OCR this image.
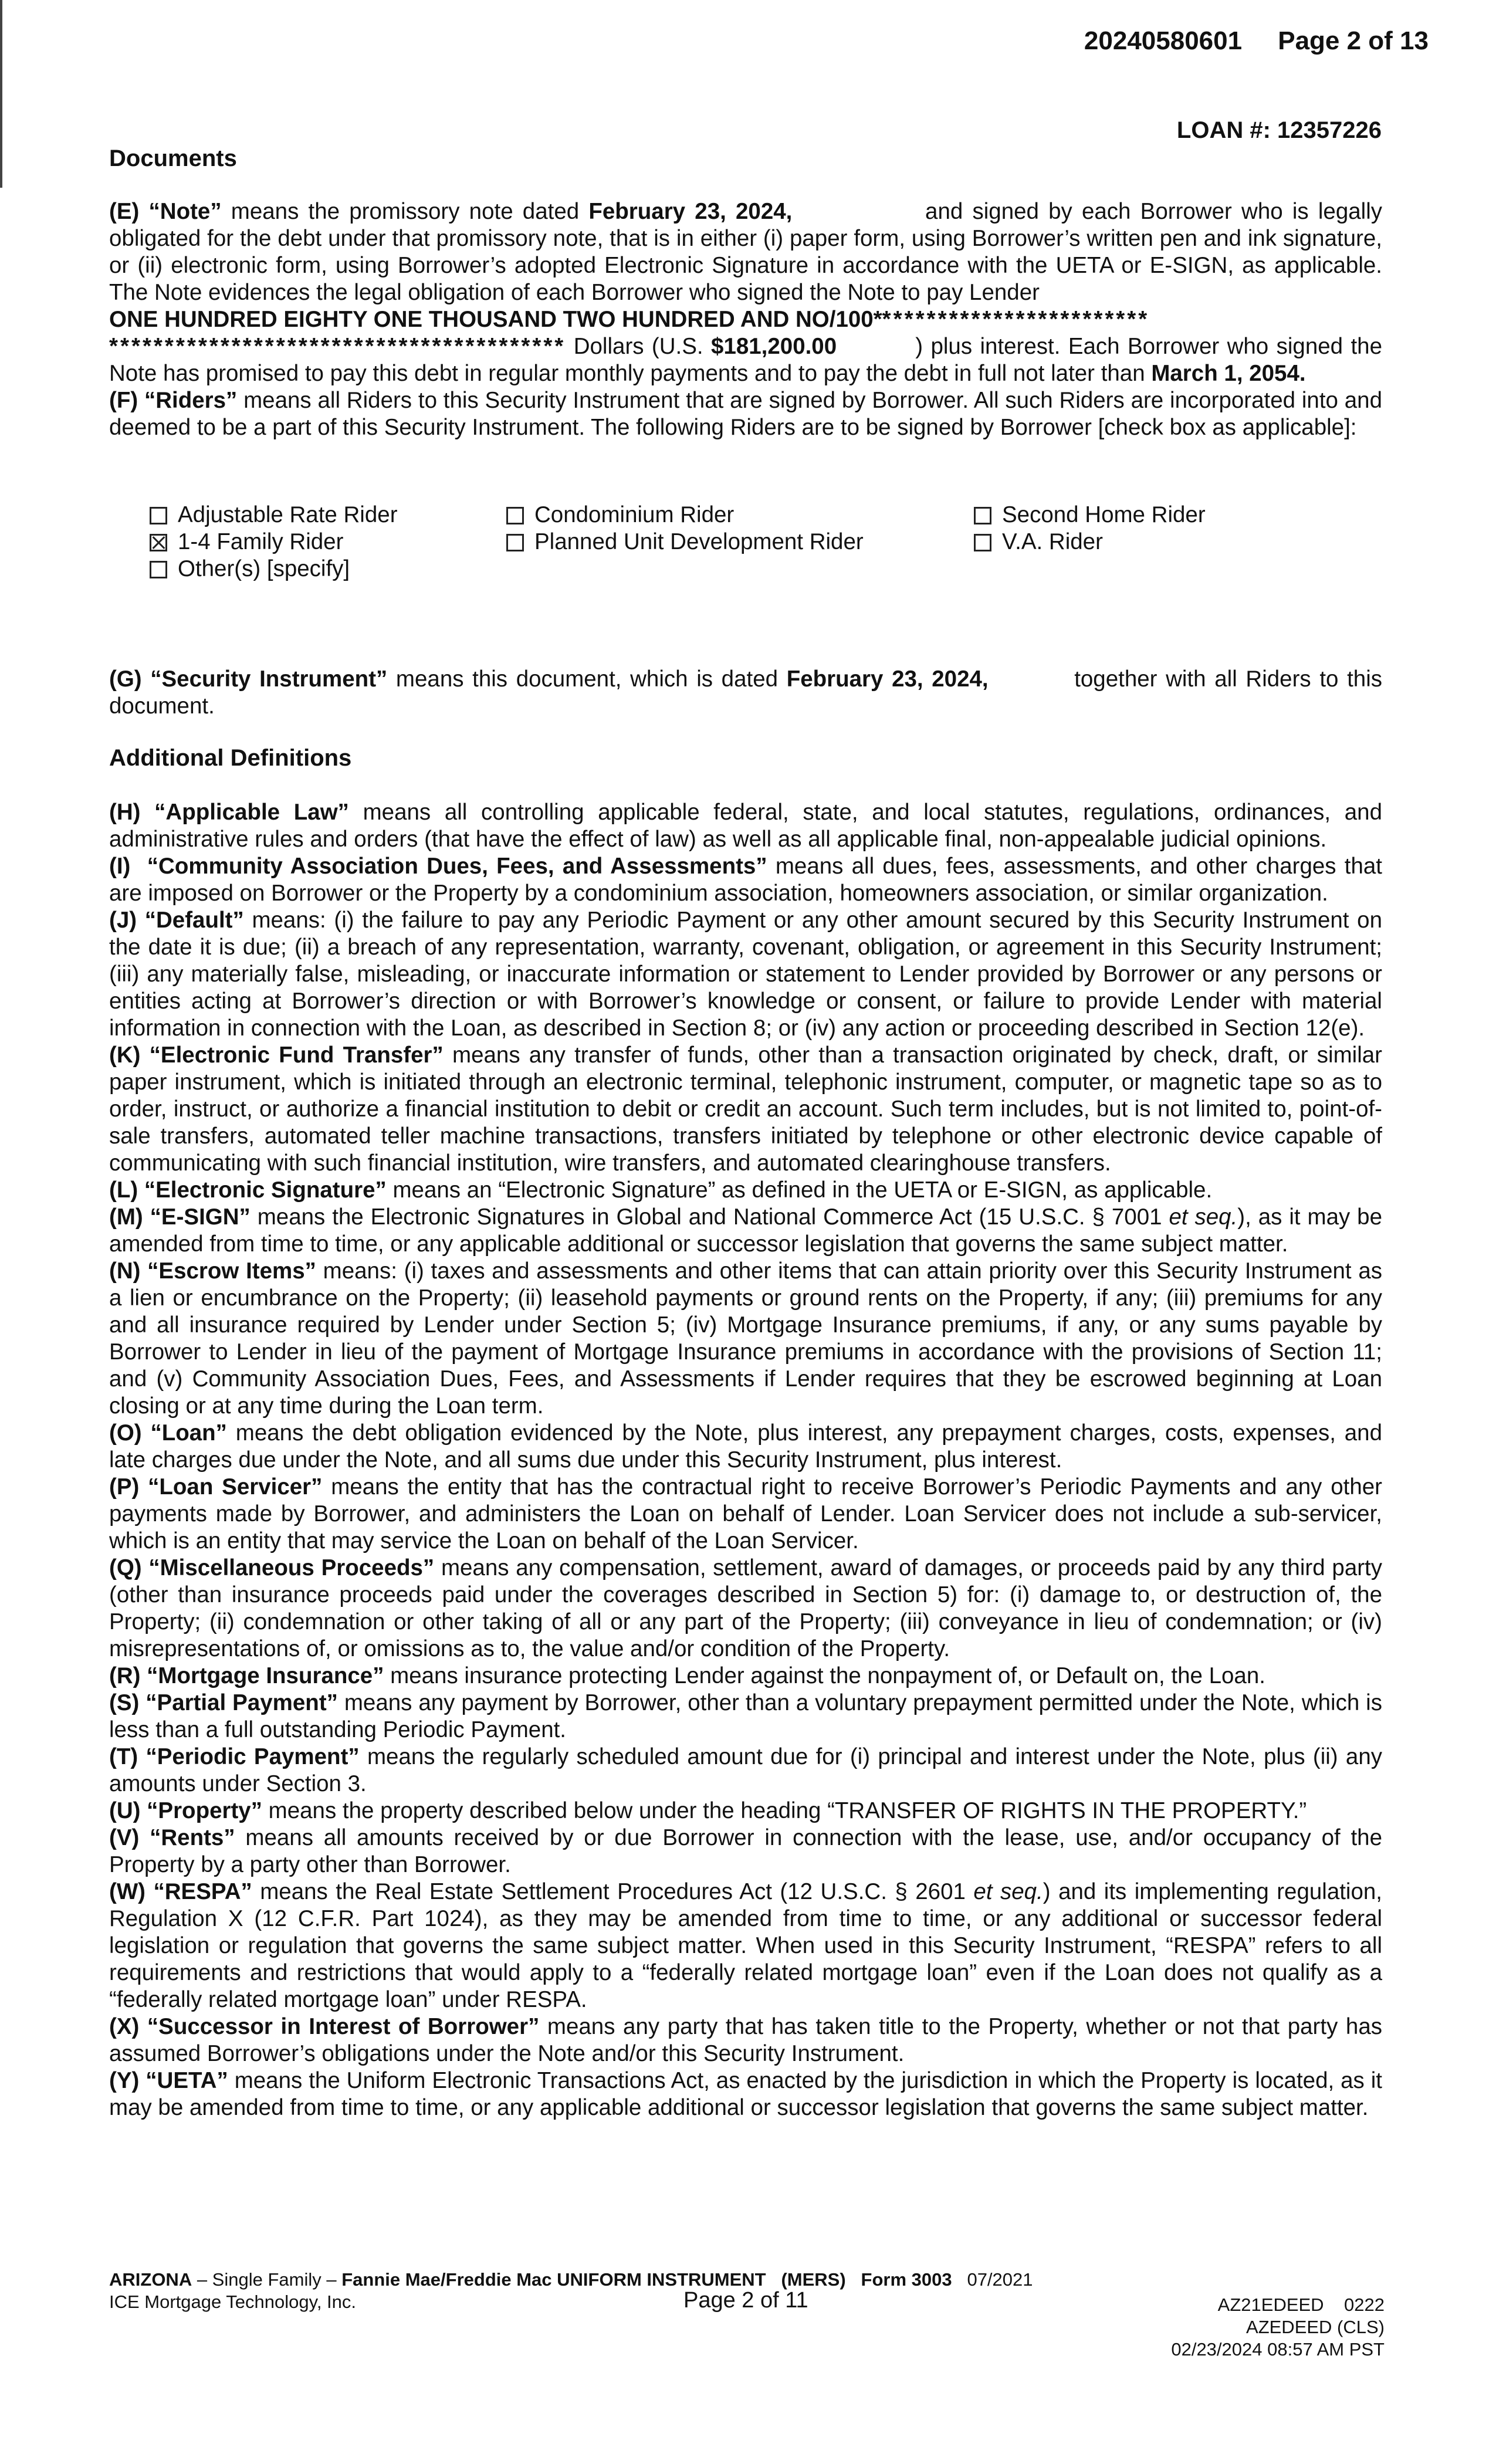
20240580601 Page 2 of 13
LOAN #: 12357226
Documents

(E) “Note” means the promissory note dated February 23, 2024,              and signed by each Borrower who is legally obligated for the debt under that promissory note, that is in either (i) paper form, using Borrower’s written pen and ink signature, or (ii) electronic form, using Borrower’s adopted Electronic Signature in accordance with the UETA or E-SIGN, as applicable. The Note evidences the legal obligation of each Borrower who signed the Note to pay Lender
ONE HUNDRED EIGHTY ONE THOUSAND TWO HUNDRED AND NO/100*************************
***************************************** Dollars (U.S. $181,200.00          ) plus interest. Each Borrower who signed the Note has promised to pay this debt in regular monthly payments and to pay the debt in full not later than March 1, 2054.

(F) “Riders” means all Riders to this Security Instrument that are signed by Borrower. All such Riders are incorporated into and deemed to be a part of this Security Instrument. The following Riders are to be signed by Borrower [check box as applicable]:

Adjustable Rate Rider	Condominium Rider	Second Home Rider
1-4 Family Rider	Planned Unit Development Rider	V.A. Rider
Other(s) [specify]

(G) “Security Instrument” means this document, which is dated February 23, 2024,          together with all Riders to this document.

Additional Definitions

(H) “Applicable Law” means all controlling applicable federal, state, and local statutes, regulations, ordinances, and administrative rules and orders (that have the effect of law) as well as all applicable final, non-appealable judicial opinions.

(I)  “Community Association Dues, Fees, and Assessments” means all dues, fees, assessments, and other charges that are imposed on Borrower or the Property by a condominium association, homeowners association, or similar organization.

(J) “Default” means: (i) the failure to pay any Periodic Payment or any other amount secured by this Security Instrument on the date it is due; (ii) a breach of any representation, warranty, covenant, obligation, or agreement in this Security Instrument; (iii) any materially false, misleading, or inaccurate information or statement to Lender provided by Borrower or any persons or entities acting at Borrower’s direction or with Borrower’s knowledge or consent, or failure to provide Lender with material information in connection with the Loan, as described in Section 8; or (iv) any action or proceeding described in Section 12(e).

(K) “Electronic Fund Transfer” means any transfer of funds, other than a transaction originated by check, draft, or similar paper instrument, which is initiated through an electronic terminal, telephonic instrument, computer, or magnetic tape so as to order, instruct, or authorize a financial institution to debit or credit an account. Such term includes, but is not limited to, point-of-sale transfers, automated teller machine transactions, transfers initiated by telephone or other electronic device capable of communicating with such financial institution, wire transfers, and automated clearinghouse transfers.

(L) “Electronic Signature” means an “Electronic Signature” as defined in the UETA or E-SIGN, as applicable.

(M) “E-SIGN” means the Electronic Signatures in Global and National Commerce Act (15 U.S.C. § 7001 et seq.), as it may be amended from time to time, or any applicable additional or successor legislation that governs the same subject matter.

(N) “Escrow Items” means: (i) taxes and assessments and other items that can attain priority over this Security Instrument as a lien or encumbrance on the Property; (ii) leasehold payments or ground rents on the Property, if any; (iii) premiums for any and all insurance required by Lender under Section 5; (iv) Mortgage Insurance premiums, if any, or any sums payable by Borrower to Lender in lieu of the payment of Mortgage Insurance premiums in accordance with the provisions of Section 11; and (v) Community Association Dues, Fees, and Assessments if Lender requires that they be escrowed beginning at Loan closing or at any time during the Loan term.

(O) “Loan” means the debt obligation evidenced by the Note, plus interest, any prepayment charges, costs, expenses, and late charges due under the Note, and all sums due under this Security Instrument, plus interest.

(P) “Loan Servicer” means the entity that has the contractual right to receive Borrower’s Periodic Payments and any other payments made by Borrower, and administers the Loan on behalf of Lender. Loan Servicer does not include a sub-servicer, which is an entity that may service the Loan on behalf of the Loan Servicer.

(Q) “Miscellaneous Proceeds” means any compensation, settlement, award of damages, or proceeds paid by any third party (other than insurance proceeds paid under the coverages described in Section 5) for: (i) damage to, or destruction of, the Property; (ii) condemnation or other taking of all or any part of the Property; (iii) conveyance in lieu of condemnation; or (iv) misrepresentations of, or omissions as to, the value and/or condition of the Property.

(R) “Mortgage Insurance” means insurance protecting Lender against the nonpayment of, or Default on, the Loan.

(S) “Partial Payment” means any payment by Borrower, other than a voluntary prepayment permitted under the Note, which is less than a full outstanding Periodic Payment.

(T) “Periodic Payment” means the regularly scheduled amount due for (i) principal and interest under the Note, plus (ii) any amounts under Section 3.

(U) “Property” means the property described below under the heading “TRANSFER OF RIGHTS IN THE PROPERTY.”

(V) “Rents” means all amounts received by or due Borrower in connection with the lease, use, and/or occupancy of the Property by a party other than Borrower.

(W) “RESPA” means the Real Estate Settlement Procedures Act (12 U.S.C. § 2601 et seq.) and its implementing regulation, Regulation X (12 C.F.R. Part 1024), as they may be amended from time to time, or any additional or successor federal legislation or regulation that governs the same subject matter. When used in this Security Instrument, “RESPA” refers to all requirements and restrictions that would apply to a “federally related mortgage loan” even if the Loan does not qualify as a “federally related mortgage loan” under RESPA.

(X) “Successor in Interest of Borrower” means any party that has taken title to the Property, whether or not that party has assumed Borrower’s obligations under the Note and/or this Security Instrument.

(Y) “UETA” means the Uniform Electronic Transactions Act, as enacted by the jurisdiction in which the Property is located, as it may be amended from time to time, or any applicable additional or successor legislation that governs the same subject matter.

ARIZONA – Single Family – Fannie Mae/Freddie Mac UNIFORM INSTRUMENT   (MERS)   Form 3003   07/2021
ICE Mortgage Technology, Inc.	Page 2 of 11	AZ21EDEED    0222
AZEDEED (CLS)
02/23/2024 08:57 AM PST
